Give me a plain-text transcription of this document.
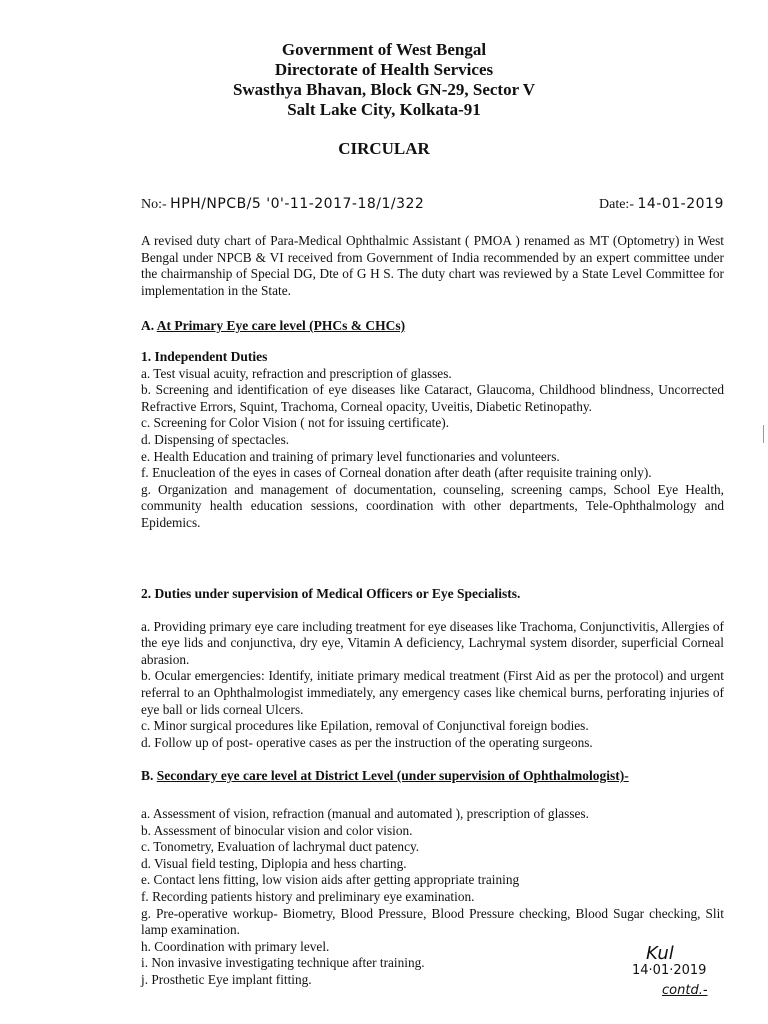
Government of West Bengal
Directorate of Health Services
Swasthya Bhavan, Block GN-29, Sector V
Salt Lake City, Kolkata-91
CIRCULAR
No:- HPH/NPCB/5 '0'-11-2017-18/1/322	Date:- 14-01-2019

A revised duty chart of Para-Medical Ophthalmic Assistant ( PMOA ) renamed as MT (Optometry) in West Bengal under NPCB & VI received from Government of India recommended by an expert committee under the chairmanship of Special DG, Dte of G H S. The duty chart was reviewed by a State Level Committee for implementation in the State.

A. At Primary Eye care level (PHCs & CHCs)

1. Independent Duties

a. Test visual acuity, refraction and prescription of glasses.

b. Screening and identification of eye diseases like Cataract, Glaucoma, Childhood blindness, Uncorrected Refractive Errors, Squint, Trachoma, Corneal opacity, Uveitis, Diabetic Retinopathy.

c. Screening for Color Vision ( not for issuing certificate).

d. Dispensing of spectacles.

e. Health Education and training of primary level functionaries and volunteers.

f. Enucleation of the eyes in cases of Corneal donation after death (after requisite training only).

g. Organization and management of documentation, counseling, screening camps, School Eye Health, community health education sessions, coordination with other departments, Tele-Ophthalmology and Epidemics.

2. Duties under supervision of Medical Officers or Eye Specialists.

a. Providing primary eye care including treatment for eye diseases like Trachoma, Conjunctivitis, Allergies of the eye lids and conjunctiva, dry eye, Vitamin A deficiency, Lachrymal system disorder, superficial Corneal abrasion.

b. Ocular emergencies: Identify, initiate primary medical treatment (First Aid as per the protocol) and urgent referral to an Ophthalmologist immediately, any emergency cases like chemical burns, perforating injuries of eye ball or lids corneal Ulcers.

c. Minor surgical procedures like Epilation, removal of Conjunctival foreign bodies.

d. Follow up of post- operative cases as per the instruction of the operating surgeons.

B. Secondary eye care level at District Level (under supervision of Ophthalmologist)-

a. Assessment of vision, refraction (manual and automated ), prescription of glasses.

b. Assessment of binocular vision and color vision.

c. Tonometry, Evaluation of lachrymal duct patency.

d. Visual field testing, Diplopia and hess charting.

e. Contact lens fitting, low vision aids after getting appropriate training

f. Recording patients history and preliminary eye examination.

g. Pre-operative workup- Biometry, Blood Pressure, Blood Pressure checking, Blood Sugar checking, Slit lamp examination.

h. Coordination with primary level.

i. Non invasive investigating technique after training.

j. Prosthetic Eye implant fitting.

Kul
14·01·2019
contd.-
